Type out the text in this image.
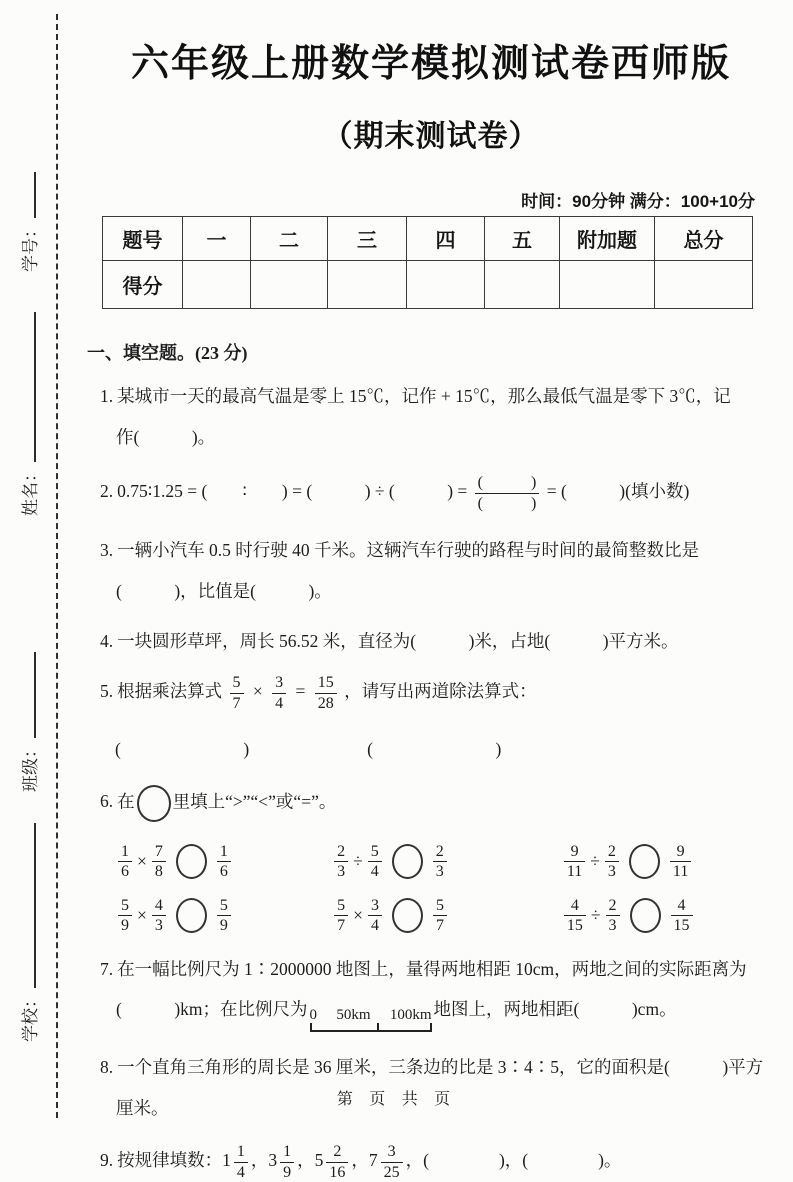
学号：
姓名：
班级：
学校：
六年级上册数学模拟测试卷西师版
（期末测试卷）
时间：90分钟 满分：100+10分
题号	一	二	三	四	五	附加题	总分
得分							
一、填空题。(23 分)
1. 某城市一天的最高气温是零上 15℃，记作 + 15℃，那么最低气温是零下 3℃，记
作(　　　)。
2. 0.75∶1.25 = (　　∶　　) = (　　　) ÷ (　　　) = $\frac{( )}{( )}$ = (　　　)(填小数)
3. 一辆小汽车 0.5 时行驶 40 千米。这辆汽车行驶的路程与时间的最简整数比是
(　　　)，比值是(　　　)。
4. 一块圆形草坪，周长 56.52 米，直径为(　　　)米，占地(　　　)平方米。
5. 根据乘法算式 $\frac{5}{7} \times \frac{3}{4} = \frac{15}{28}$ ，请写出两道除法算式：
(　　　　　　　)	(　　　　　　　)
6. 在 里填上“>”“<”或“=”。
$\frac{1}{6} \times \frac{7}{8}$	$\frac{1}{6}$	$\frac{2}{3} \div \frac{5}{4}$	$\frac{2}{3}$	$\frac{9}{11} \div \frac{2}{3}$	$\frac{9}{11}$
$\frac{5}{9} \times \frac{4}{3}$	$\frac{5}{9}$	$\frac{5}{7} \times \frac{3}{4}$	$\frac{5}{7}$	$\frac{4}{15} \div \frac{2}{3}$	$\frac{4}{15}$
7. 在一幅比例尺为 1∶2000000 地图上，量得两地相距 10cm，两地之间的实际距离为
(　　　)km；在比例尺为 0 50km 100km 地图上，两地相距(　　　)cm。
8. 一个直角三角形的周长是 36 厘米，三条边的比是 3∶4∶5，它的面积是(　　　)平方
厘米。
9. 按规律填数：$1 \frac{1}{4}$ ，$3 \frac{1}{9}$ ，$5 \frac{2}{16}$ ，$7 \frac{3}{25}$ ，(　　　　)，(　　　　)。
第 页 共 页
